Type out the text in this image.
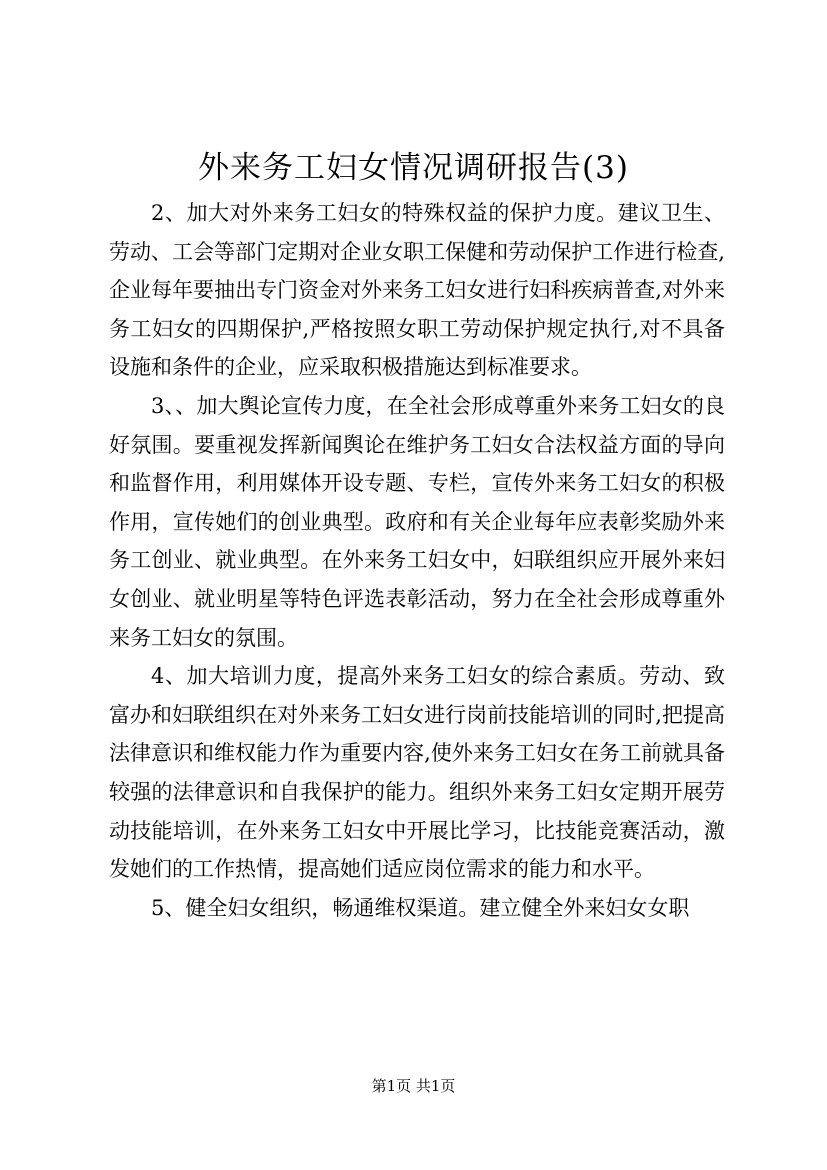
外来务工妇女情况调研报告(3)

2、加大对外来务工妇女的特殊权益的保护力度。建议卫生、劳动、工会等部门定期对企业女职工保健和劳动保护工作进行检查,企业每年要抽出专门资金对外来务工妇女进行妇科疾病普查,对外来务工妇女的四期保护,严格按照女职工劳动保护规定执行,对不具备设施和条件的企业，应采取积极措施达到标准要求。

3、、加大舆论宣传力度，在全社会形成尊重外来务工妇女的良好氛围。要重视发挥新闻舆论在维护务工妇女合法权益方面的导向和监督作用，利用媒体开设专题、专栏，宣传外来务工妇女的积极作用，宣传她们的创业典型。政府和有关企业每年应表彰奖励外来务工创业、就业典型。在外来务工妇女中，妇联组织应开展外来妇女创业、就业明星等特色评选表彰活动，努力在全社会形成尊重外来务工妇女的氛围。

4、加大培训力度，提高外来务工妇女的综合素质。劳动、致富办和妇联组织在对外来务工妇女进行岗前技能培训的同时,把提高法律意识和维权能力作为重要内容,使外来务工妇女在务工前就具备较强的法律意识和自我保护的能力。组织外来务工妇女定期开展劳动技能培训，在外来务工妇女中开展比学习，比技能竞赛活动，激发她们的工作热情，提高她们适应岗位需求的能力和水平。

5、健全妇女组织，畅通维权渠道。建立健全外来妇女女职

第1页 共1页
